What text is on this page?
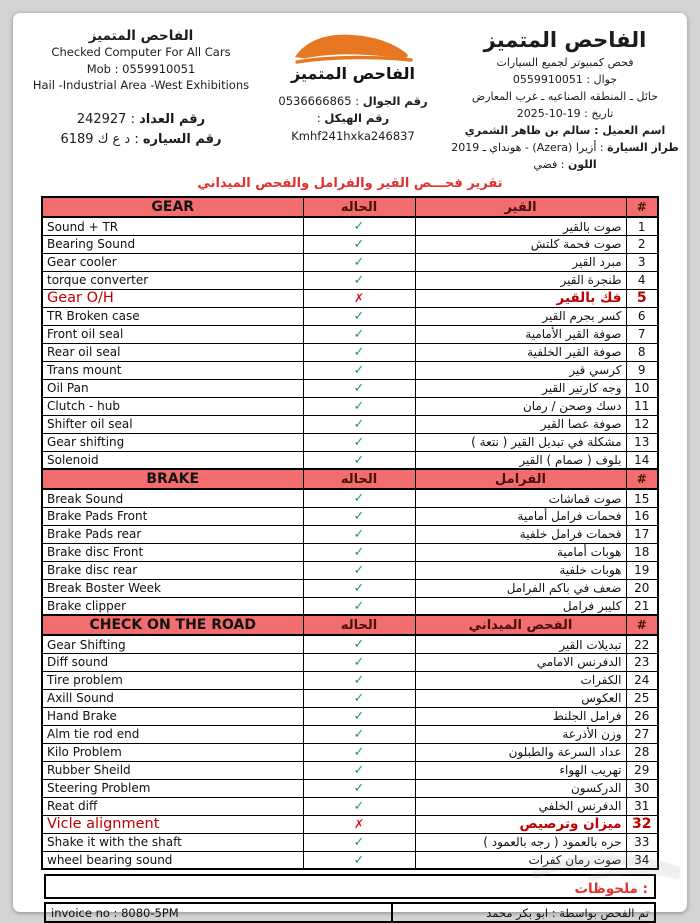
الفاحص المتميز
Checked Computer For All Cars
Mob : 0559910051
Hail -Industrial Area -West Exhibitions
رقم العداد : 242927
رقم السياره : د ع ك 6189
الفاحص المتميز
رقم الجوال : 0536666865
رقم الهيكل :
Kmhf241hxka246837
الفاحص المتميز
فحص كمبيوتر لجميع السيارات
جوال : 0559910051
حائل ـ المنطقه الصناعيه ـ غرب المعارض
تاريخ : 19-10-2025
اسم العميل : سالم بن ظاهر الشمري
طراز السيارة : أزيرا (Azera) - هونداي ـ 2019
اللون : فضي
تقرير فحـــص القير والفرامل والفحص الميداني
GEAR	الحاله	القير	#
Sound + TR	✓	صوت بالقير	1
Bearing Sound	✓	صوت فحمة كلتش	2
Gear cooler	✓	مبرد القير	3
torque converter	✓	طنجرة القير	4
Gear O/H	✗	فك بالقير	5
TR Broken case	✓	كسر بجرم القير	6
Front oil seal	✓	صوفة القير الأمامية	7
Rear oil seal	✓	صوفة القير الخلفية	8
Trans mount	✓	كرسي قير	9
Oil Pan	✓	وجه كارتير القير	10
Clutch - hub	✓	دسك وصحن / رمان	11
Shifter oil seal	✓	صوفة عصا القير	12
Gear shifting	✓	مشكلة في تبديل القير ( نتعة )	13
Solenoid	✓	بلوف ( صمام ) القير	14
BRAKE	الحاله	الفرامل	#
Break Sound	✓	صوت قماشات	15
Brake Pads Front	✓	فحمات فرامل أمامية	16
Brake Pads rear	✓	فحمات فرامل خلفية	17
Brake disc Front	✓	هوبات أمامية	18
Brake disc rear	✓	هوبات خلفية	19
Break Boster Week	✓	ضعف في باكم الفرامل	20
Brake clipper	✓	كليبر فرامل	21
CHECK ON THE ROAD	الحاله	الفحص الميداني	#
Gear Shifting	✓	تبديلات القير	22
Diff sound	✓	الدفرنس الامامي	23
Tire problem	✓	الكفرات	24
Axill Sound	✓	العكوس	25
Hand Brake	✓	فرامل الجلنط	26
Alm tie rod end	✓	وزن الأذرعة	27
Kilo Problem	✓	عداد السرعة والطبلون	28
Rubber Sheild	✓	تهريب الهواء	29
Steering Problem	✓	الدركسون	30
Reat diff	✓	الدفرنس الخلفي	31
Vicle alignment	✗	ميزان وترصيص	32
Shake it with the shaft	✓	حره بالعمود ( رجه بالعمود )	33
wheel bearing sound	✓	صوت رمان كفرات	34
: ملحوظات
invoice no : 8080-5PM	تم الفحص بواسطة : ابو بكر محمد
